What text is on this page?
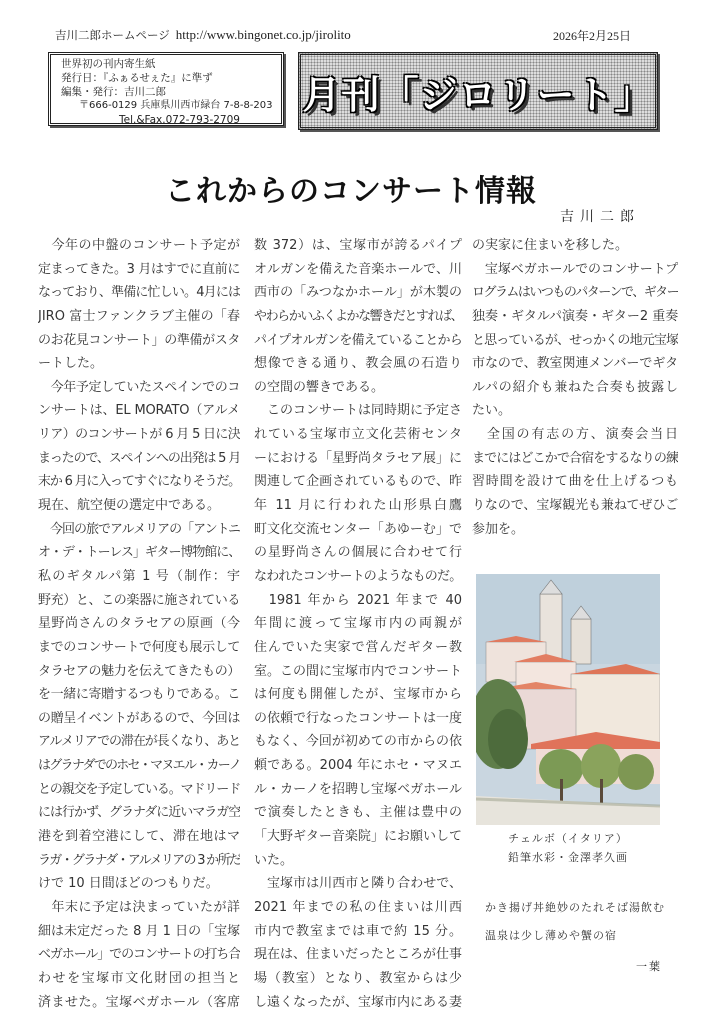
吉川二郎ホームページ http://www.bingonet.co.jp/jirolito	2026年2月25日
世界初の刊内寄生紙
発行日：『ふぁるせぇた』に準ず
編集・発行：吉川二郎
〒666-0129 兵庫県川西市緑台 7-8-8-203
Tel.&Fax.072-793-2709
月刊「ジロリート」
これからのコンサート情報
吉川二郎
　今年の中盤のコンサート予定が
定まってきた。3 月はすでに直前に
なっており、準備に忙しい。4月には
JIRO 富士ファンクラブ主催の「春
のお花見コンサート」の準備がスタ
ートした。
　今年予定していたスペインでのコ
ンサートは、EL MORATO（アルメ
リア）のコンサートが 6 月 5 日に決
まったので、スペインへの出発は 5 月
末か 6 月に入ってすぐになりそうだ。
現在、航空便の選定中である。
　今回の旅でアルメリアの「アントニ
オ・デ・トーレス」ギター博物館に、
私のギタルパ第 1 号（制作：宇
野充）と、この楽器に施されている
星野尚さんのタラセアの原画（今
までのコンサートで何度も展示して
タラセアの魅力を伝えてきたもの）
を一緒に寄贈するつもりである。こ
の贈呈イベントがあるので、今回は
アルメリアでの滞在が長くなり、あと
はグラナダでのホセ・マヌエル・カーノ
との親交を予定している。マドリード
には行かず、グラナダに近いマラガ空
港を到着空港にして、滞在地はマ
ラガ・グラナダ・アルメリアの 3 か所だ
けで 10 日間ほどのつもりだ。
　年末に予定は決まっていたが詳
細は未定だった 8 月 1 日の「宝塚
ベガホール」でのコンサートの打ち合
わせを宝塚市文化財団の担当と
済ませた。宝塚ベガホール（客席
数 372）は、宝塚市が誇るパイプ
オルガンを備えた音楽ホールで、川
西市の「みつなかホール」が木製の
やわらかいふくよかな響きだとすれば、
パイプオルガンを備えていることから
想像できる通り、教会風の石造り
の空間の響きである。
　このコンサートは同時期に予定さ
れている宝塚市立文化芸術センタ
ーにおける「星野尚タラセア展」に
関連して企画されているもので、昨
年 11 月に行われた山形県白鷹
町文化交流センター「あゆーむ」で
の星野尚さんの個展に合わせて行
なわれたコンサートのようなものだ。
　1981 年から 2021 年まで 40
年間に渡って宝塚市内の両親が
住んでいた実家で営んだギター教
室。この間に宝塚市内でコンサート
は何度も開催したが、宝塚市から
の依頼で行なったコンサートは一度
もなく、今回が初めての市からの依
頼である。2004 年にホセ・マヌエ
ル・カーノを招聘し宝塚ベガホール
で演奏したときも、主催は豊中の
「大野ギター音楽院」にお願いして
いた。
　宝塚市は川西市と隣り合わせで、
2021 年までの私の住まいは川西
市内で教室までは車で約 15 分。
現在は、住まいだったところが仕事
場（教室）となり、教室からは少
し遠くなったが、宝塚市内にある妻
の実家に住まいを移した。
　宝塚ベガホールでのコンサートプ
ログラムはいつものパターンで、ギター
独奏・ギタルパ演奏・ギター2 重奏
と思っているが、せっかくの地元宝塚
市なので、教室関連メンバーでギタ
ルパの紹介も兼ねた合奏も披露し
たい。
　全国の有志の方、演奏会当日
までにはどこかで合宿をするなりの練
習時間を設けて曲を仕上げるつも
りなので、宝塚観光も兼ねてぜひご
参加を。
チェルボ（イタリア）
鉛筆水彩・金澤孝久画
かき揚げ丼絶妙のたれそば湯飲む
温泉は少し薄めや蟹の宿
一葉
